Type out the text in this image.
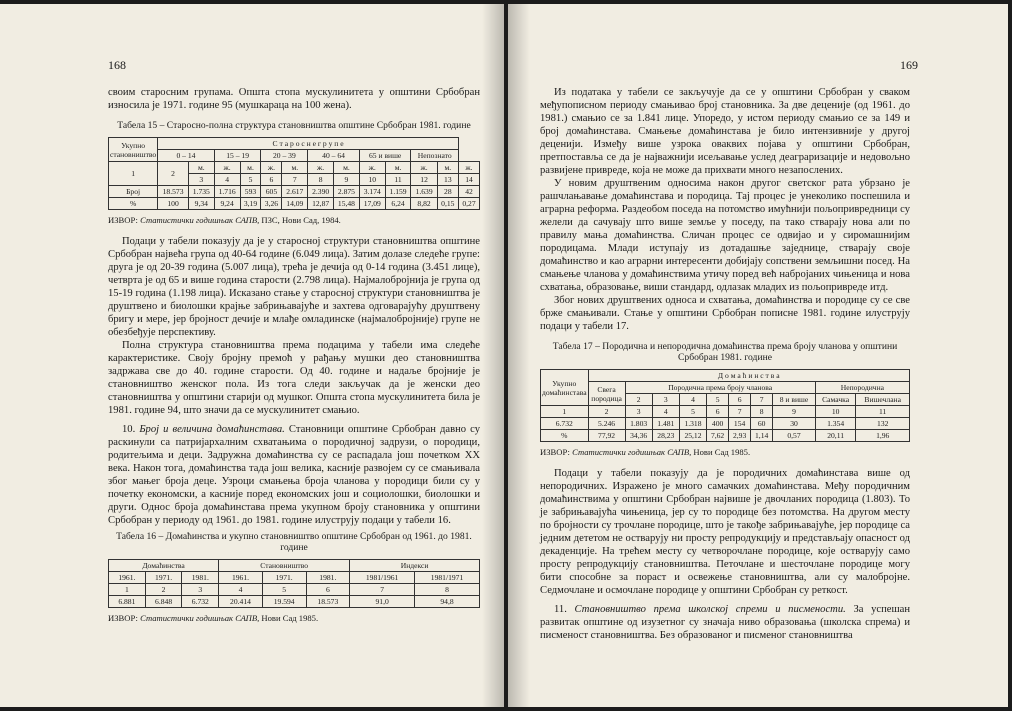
168

своим старосним групама. Општа стопа мускулинитета у општини Србобран износила је 1971. године 95 (мушкараца на 100 жена).

Табела 15 – Старосно-полна структура становништва општине Србобран 1981. године
Укупно становништво	С т а р о с н е г р у п е												
	0 – 14		15 – 19		20 – 39		40 – 64		65 и више		Непознато		
1	2	м.	ж.	м.	ж.	м.	ж.	м.	ж.	м.	ж.	м.	ж.
		3	4	5	6	7	8	9	10	11	12	13	14
Број	18.573	1.735	1.716	593	605	2.617	2.390	2.875	3.174	1.159	1.639	28	42
%	100	9,34	9,24	3,19	3,26	14,09	12,87	15,48	17,09	6,24	8,82	0,15	0,27
ИЗВОР: Статистички годишњак САПВ, ПЗС, Нови Сад, 1984.

Подаци у табели показују да је у старосној структури становништва општине Србобран највећа група од 40-64 године (6.049 лица). Затим долазе следеће групе: друга је од 20-39 година (5.007 лица), трећа је дечија од 0-14 година (3.451 лице), четврта је од 65 и више година старости (2.798 лица). Најмалобројнија је група од 15-19 година (1.198 лица). Исказано стање у старосној структури становништва је друштвено и биолошки крајње забрињавајуће и захтева одговарајућу друштвену бригу и мере, јер бројност дечије и млађе омладинске (најмалобројније) групе не обезбеђује перспективу.

Полна структура становништва према подацима у табели има следеће карактеристике. Своју бројну премоћ у рађању мушки део становништва задржава све до 40. године старости. Од 40. године и надаље бројније је становништво женског пола. Из тога следи закључак да је женски део становништва у општини старији од мушког. Општа стопа мускулинитета била је 1981. године 94, што значи да се мускулинитет смањио.

10. Број и величина домаћинстава. Становници општине Србобран давно су раскинули са патријархалним схватањима о породичној задрузи, о породици, родитељима и деци. Задружна домаћинства су се распадала још почетком XX века. Након тога, домаћинства тада још велика, касније развојем су се смањивала због мањег броја деце. Узроци смањења броја чланова у породици били су у почетку економски, а касније поред економских још и социолошки, биолошки и други. Однос броја домаћинстава према укупном броју становника у општини Србобран у периоду од 1961. до 1981. године илуструју подаци у табели 16.

Табела 16 – Домаћинства и укупно становништво општине Србобран од 1961. до 1981. године
Домаћинства			Становништво			Индекси	
1961.	1971.	1981.	1961.	1971.	1981.	1981/1961	1981/1971
1	2	3	4	5	6	7	8
6.881	6.848	6.732	20.414	19.594	18.573	91,0	94,8
ИЗВОР: Статистички годишњак САПВ, Нови Сад 1985.
169

Из података у табели се закључује да се у општини Србобран у сваком међупописном периоду смањивао број становника. За две деценије (од 1961. до 1981.) смањио се за 1.841 лице. Упоредо, у истом периоду смањио се за 149 и број домаћинстава. Смањење домаћинстава је било интензивније у другој деценији. Између више узрока оваквих појава у општини Србобран, претпоставља се да је најважнији исељавање услед деаграризације и недовољно развијене привреде, која не може да прихвати много незапослених.

У новим друштвеним односима након другог светског рата убрзано је рашчлањавање домаћинстава и породица. Тај процес је унеколико поспешила и аграрна реформа. Раздеобом поседа на потомство имућнији пољопривредници су желели да сачувају што више земље у поседу, па тако стварају нова али по правилу мања домаћинства. Сличан процес се одвијао и у сиромашнијим породицама. Млади иступају из дотадашње заједнице, стварају своје домаћинство и као аграрни интересенти добијају сопствени земљишни посед. На смањење чланова у домаћинствима утичу поред већ набројаних чињеница и нова схватања, образовање, виши стандард, одлазак младих из пољопривреде итд.

Због нових друштвених односа и схватања, домаћинства и породице су се све брже смањивали. Стање у општини Србобран пописне 1981. године илуструју подаци у табели 17.

Табела 17 – Породична и непородична домаћинства према броју чланова у општини Србобран 1981. године
Укупно домаћинстава	Д о м а ћ и н с т в а									
	Свега породица	Породична према броју чланова							Непородична	
		2	3	4	5	6	7	8 и више	Самачка	Вишечлана
1	2	3	4	5	6	7	8	9	10	11
6.732	5.246	1.803	1.481	1.318	400	154	60	30	1.354	132
%	77,92	34,36	28,23	25,12	7,62	2,93	1,14	0,57	20,11	1,96
ИЗВОР: Статистички годишњак САПВ, Нови Сад 1985.

Подаци у табели показују да је породичних домаћинстава више од непородичних. Изражено је много самачких домаћинстава. Међу породичним домаћинствима у општини Србобран највише је двочланих породица (1.803). То је забрињавајућа чињеница, јер су то породице без потомства. На другом месту по бројности су трочлане породице, што је такође забрињавајуће, јер породице са једним дететом не остварују ни просту репродукцију и представљају опасност од декаденције. На трећем месту су четворочлане породице, које остварују само просту репродукцију становништва. Петочлане и шесточлане породице могу бити способне за пораст и освежење становништва, али су малобројне. Седмочлане и осмочлане породице у општини Србобран су реткост.

11. Становништво према школској спреми и писмености. За успешан развитак општине од изузетног су значаја ниво образовања (школска спрема) и писменост становништва. Без образованог и писменог становништва
